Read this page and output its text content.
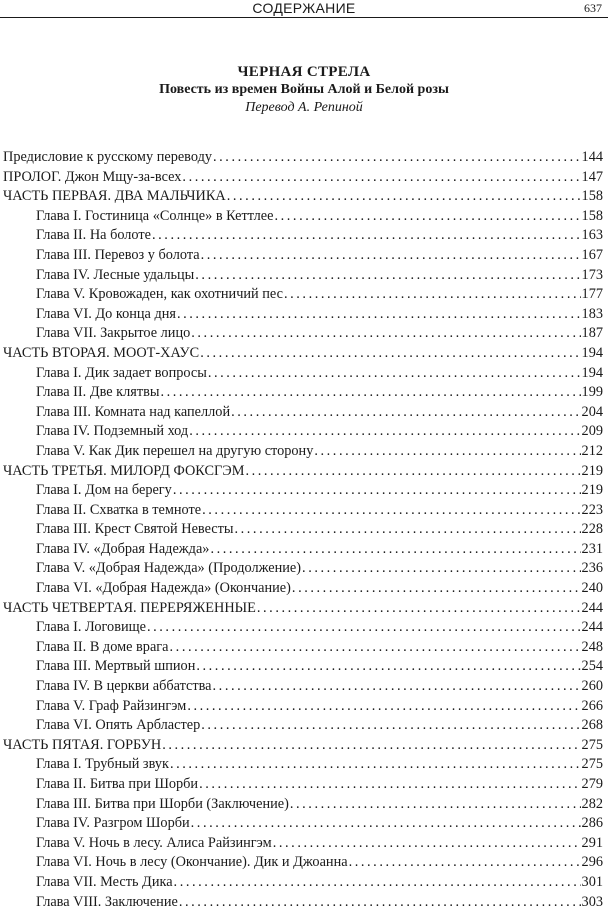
СОДЕРЖАНИЕ	637
ЧЕРНАЯ СТРЕЛА
Повесть из времен Войны Алой и Белой розы
Перевод А. Репиной
Предисловие к русскому переводу . . .	144
ПРОЛОГ. Джон Мщу-за-всех . . .	147
ЧАСТЬ ПЕРВАЯ. ДВА МАЛЬЧИКА . . .	158
Глава I. Гостиница «Солнце» в Кеттлее . . .	158
Глава II. На болоте . . .	163
Глава III. Перевоз у болота . . .	167
Глава IV. Лесные удальцы . . .	173
Глава V. Кровожаден, как охотничий пес . . .	177
Глава VI. До конца дня . . .	183
Глава VII. Закрытое лицо . . .	187
ЧАСТЬ ВТОРАЯ. МООТ-ХАУС . . .	194
Глава I. Дик задает вопросы . . .	194
Глава II. Две клятвы . . .	199
Глава III. Комната над капеллой . . .	204
Глава IV. Подземный ход . . .	209
Глава V. Как Дик перешел на другую сторону . . .	212
ЧАСТЬ ТРЕТЬЯ. МИЛОРД ФОКСГЭМ . . .	219
Глава I. Дом на берегу . . .	219
Глава II. Схватка в темноте . . .	223
Глава III. Крест Святой Невесты . . .	228
Глава IV. «Добрая Надежда» . . .	231
Глава V. «Добрая Надежда» (Продолжение) . . .	236
Глава VI. «Добрая Надежда» (Окончание) . . .	240
ЧАСТЬ ЧЕТВЕРТАЯ. ПЕРЕРЯЖЕННЫЕ . . .	244
Глава I. Логовище . . .	244
Глава II. В доме врага . . .	248
Глава III. Мертвый шпион . . .	254
Глава IV. В церкви аббатства . . .	260
Глава V. Граф Райзингэм . . .	266
Глава VI. Опять Арбластер . . .	268
ЧАСТЬ ПЯТАЯ. ГОРБУН . . .	275
Глава I. Трубный звук . . .	275
Глава II. Битва при Шорби . . .	279
Глава III. Битва при Шорби (Заключение) . . .	282
Глава IV. Разгром Шорби . . .	286
Глава V. Ночь в лесу. Алиса Райзингэм . . .	291
Глава VI. Ночь в лесу (Окончание). Дик и Джоанна . . .	296
Глава VII. Месть Дика . . .	301
Глава VIII. Заключение . . .	303
